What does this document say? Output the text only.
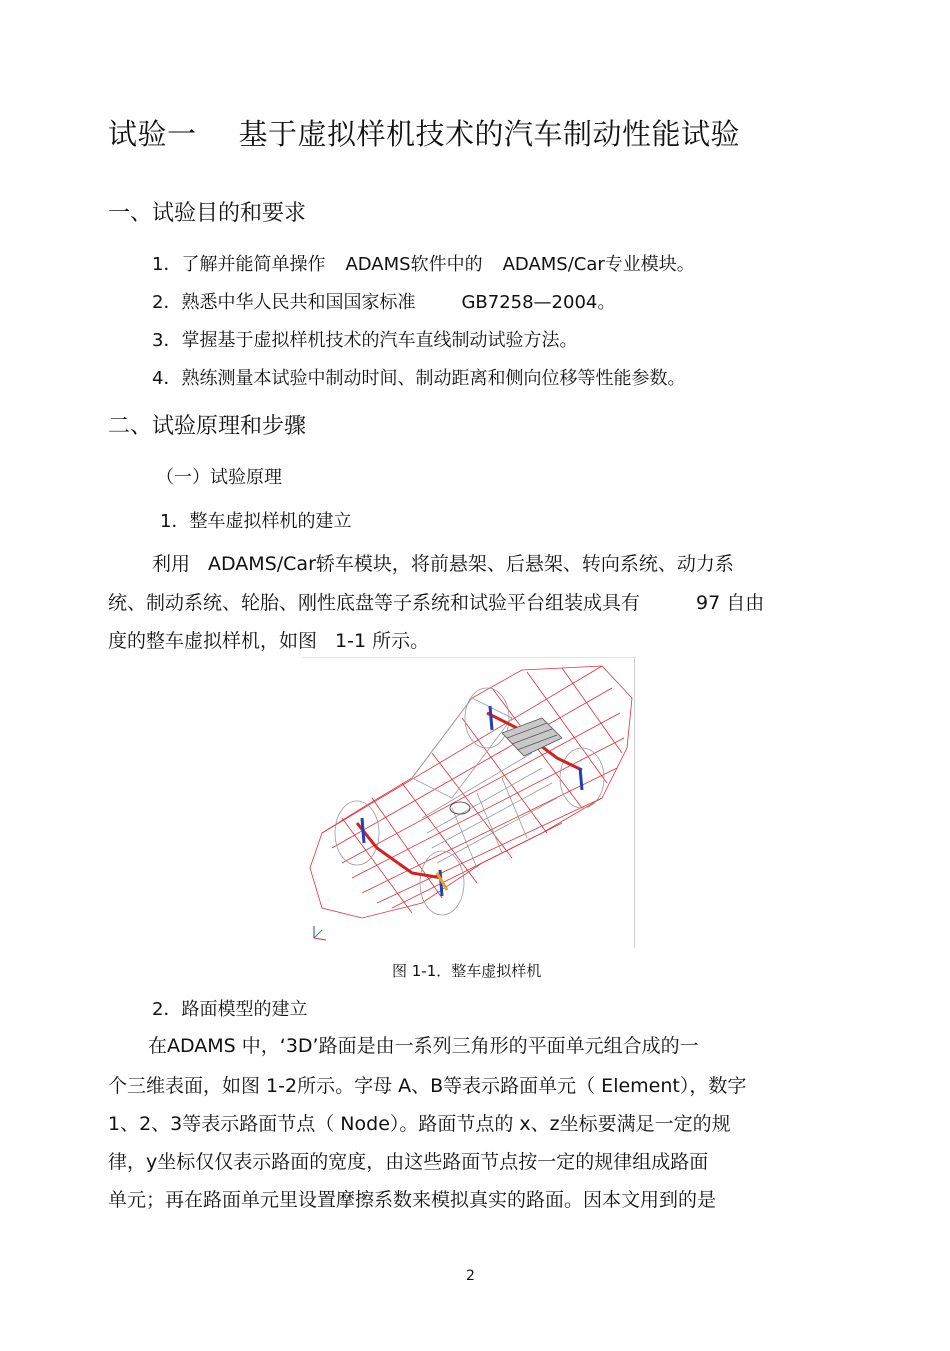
试验一 基于虚拟样机技术的汽车制动性能试验
一、试验目的和要求
1．了解并能简单操作 ADAMS软件中的 ADAMS/Car专业模块。
2．熟悉中华人民共和国国家标准	GB7258—2004。
3．掌握基于虚拟样机技术的汽车直线制动试验方法。
4．熟练测量本试验中制动时间、制动距离和侧向位移等性能参数。
二、试验原理和步骤
（一）试验原理
1．整车虚拟样机的建立
利用 ADAMS/Car轿车模块，将前悬架、后悬架、转向系统、动力系
统、制动系统、轮胎、刚性底盘等子系统和试验平台组装成具有	97 自由
度的整车虚拟样机，如图 1-1 所示。
图 1-1．整车虚拟样机
2．路面模型的建立
在ADAMS 中，‘3D’路面是由一系列三角形的平面单元组合成的一
个三维表面，如图 1-2所示。字母 A、B等表示路面单元（ Element），数字
1、2、3等表示路面节点（ Node）。路面节点的 x、z坐标要满足一定的规
律，y坐标仅仅表示路面的宽度，由这些路面节点按一定的规律组成路面
单元；再在路面单元里设置摩擦系数来模拟真实的路面。因本文用到的是
2
